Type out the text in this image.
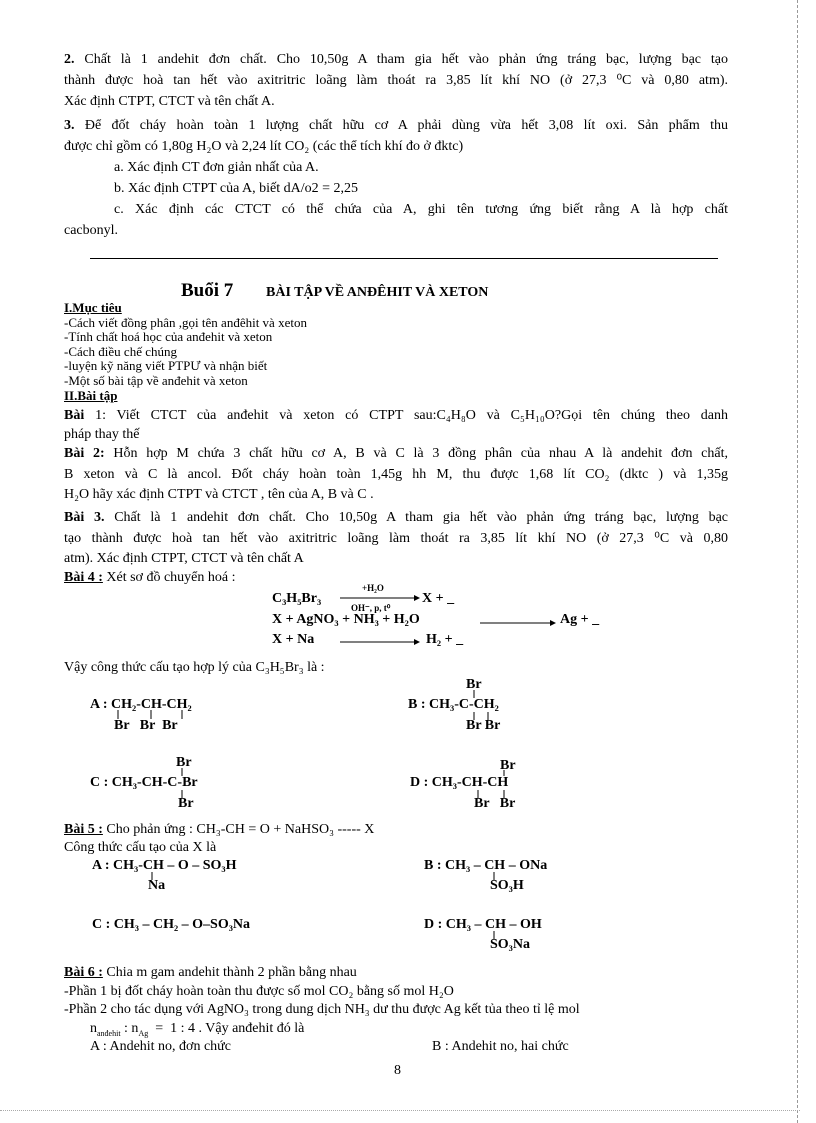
2. Chất là 1 andehit đơn chất. Cho 10,50g A tham gia hết vào phản ứng tráng bạc, lượng bạc tạo
thành được hoà tan hết vào axitritric loãng làm thoát ra 3,85 lít khí NO (ở 27,3 ⁰C và 0,80 atm).
Xác định CTPT, CTCT và tên chất A.
3. Để đốt cháy hoàn toàn 1 lượng chất hữu cơ A phải dùng vừa hết 3,08 lít oxi. Sản phẩm thu
được chỉ gồm có 1,80g H₂O và 2,24 lít CO₂ (các thể tích khí đo ở đktc)
a. Xác định CT đơn giản nhất của A.
b. Xác định CTPT của A, biết dA/o2 = 2,25
c. Xác định các CTCT có thể chứa của A, ghi tên tương ứng biết rằng A là hợp chất
cacbonyl.
Buổi 7 BÀI TẬP VỀ ANĐÊHIT VÀ XETON
I.Mục tiêu
-Cách viết đồng phân ,gọi tên anđêhit và xeton
-Tính chất hoá học của anđehit và xeton
-Cách điều chế chúng
-luyện kỹ năng viết PTPƯ và nhận biết
-Một số bài tập về anđehit và xeton
II.Bài tập
Bài 1: Viết CTCT của anđehit và xeton có CTPT sau:C₄H₈O và C₅H₁₀O?Gọi tên chúng theo danh
pháp thay thế
Bài 2: Hỗn hợp M chứa 3 chất hữu cơ A, B và C là 3 đồng phân của nhau A là andehit đơn chất,
B xeton và C là ancol. Đốt cháy hoàn toàn 1,45g hh M, thu được 1,68 lít CO₂ (dktc ) và 1,35g
H₂O hãy xác định CTPT và CTCT , tên của A, B và C .
Bài 3. Chất là 1 andehit đơn chất. Cho 10,50g A tham gia hết vào phản ứng tráng bạc, lượng bạc
tạo thành được hoà tan hết vào axitritric loãng làm thoát ra 3,85 lít khí NO (ở 27,3 ⁰C và 0,80
atm). Xác định CTPT, CTCT và tên chất A
Bài 4 : Xét sơ đồ chuyển hoá :
C₃H₅Br₃
+H₂O
OH⁻, p, t⁰
X + _
X + AgNO₃ + NH₃ + H₂O	Ag + _
X + Na	H₂ + _
Vậy công thức cấu tạo hợp lý của C₃H₅Br₃ là :
A : CH₂-CH-CH₂
Br   Br  Br
Br
B : CH₃-C-CH₂
Br Br
Br
C : CH₃-CH-C-Br
Br
Br
D : CH₃-CH-CH
Br   Br
Bài 5 : Cho phản ứng : CH₃-CH = O + NaHSO₃ ----- X
Công thức cấu tạo của X là
A : CH₃-CH – O – SO₃H
Na
B : CH₃ – CH – ONa
SO₃H
C : CH₃ – CH₂ – O–SO₃Na	D : CH₃ – CH – OH
SO₃Na
Bài 6 : Chia m gam andehit thành 2 phần bằng nhau
-Phần 1 bị đốt cháy hoàn toàn thu được số mol CO₂ bằng số mol H₂O
-Phần 2 cho tác dụng với AgNO₃ trong dung dịch NH₃ dư thu được Ag kết tủa theo tỉ lệ mol
$n_{anđehit}$ : $n_{Ag} = 1$ : 4 . Vậy anđehit đó là
A : Andehit no, đơn chức	B : Andehit no, hai chức
8
